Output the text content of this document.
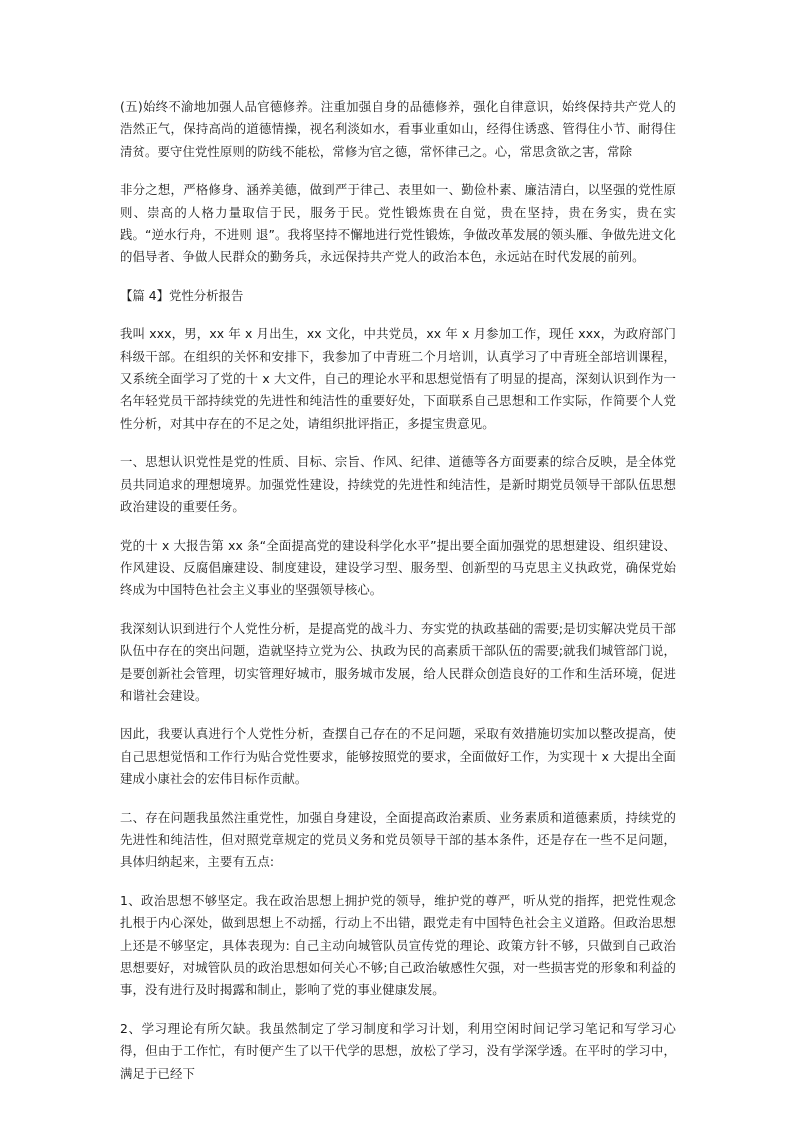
(五)始终不渝地加强人品官德修养。注重加强自身的品德修养，强化自律意识，始终保持共产党人的浩然正气，保持高尚的道德情操，视名利淡如水，看事业重如山，经得住诱惑、管得住小节、耐得住清贫。要守住党性原则的防线不能松，常修为官之德，常怀律己之。心，常思贪欲之害，常除

非分之想，严格修身、涵养美德，做到严于律己、表里如一、勤俭朴素、廉洁清白，以坚强的党性原则、崇高的人格力量取信于民，服务于民。党性锻炼贵在自觉，贵在坚持，贵在务实，贵在实践。“逆水行舟，不进则 退”。我将坚持不懈地进行党性锻炼，争做改革发展的领头雁、争做先进文化的倡导者、争做人民群众的勤务兵，永远保持共产党人的政治本色，永远站在时代发展的前列。

【篇 4】党性分析报告

我叫 xxx，男，xx 年 x 月出生，xx 文化，中共党员，xx 年 x 月参加工作，现任 xxx，为政府部门科级干部。在组织的关怀和安排下，我参加了中青班二个月培训，认真学习了中青班全部培训课程，又系统全面学习了党的十 x 大文件，自己的理论水平和思想觉悟有了明显的提高，深刻认识到作为一名年轻党员干部持续党的先进性和纯洁性的重要好处，下面联系自己思想和工作实际，作简要个人党性分析，对其中存在的不足之处，请组织批评指正，多提宝贵意见。

一、思想认识党性是党的性质、目标、宗旨、作风、纪律、道德等各方面要素的综合反映，是全体党员共同追求的理想境界。加强党性建设，持续党的先进性和纯洁性，是新时期党员领导干部队伍思想政治建设的重要任务。

党的十 x 大报告第 xx 条“全面提高党的建设科学化水平”提出要全面加强党的思想建设、组织建设、作风建设、反腐倡廉建设、制度建设，建设学习型、服务型、创新型的马克思主义执政党，确保党始终成为中国特色社会主义事业的坚强领导核心。

我深刻认识到进行个人党性分析，是提高党的战斗力、夯实党的执政基础的需要;是切实解决党员干部队伍中存在的突出问题，造就坚持立党为公、执政为民的高素质干部队伍的需要;就我们城管部门说，是要创新社会管理，切实管理好城市，服务城市发展，给人民群众创造良好的工作和生活环境，促进和谐社会建设。

因此，我要认真进行个人党性分析，查摆自己存在的不足问题，采取有效措施切实加以整改提高，使自己思想觉悟和工作行为贴合党性要求，能够按照党的要求，全面做好工作，为实现十 x 大提出全面建成小康社会的宏伟目标作贡献。

二、存在问题我虽然注重党性，加强自身建设，全面提高政治素质、业务素质和道德素质，持续党的先进性和纯洁性，但对照党章规定的党员义务和党员领导干部的基本条件，还是存在一些不足问题，具体归纳起来，主要有五点:

1、政治思想不够坚定。我在政治思想上拥护党的领导，维护党的尊严，听从党的指挥，把党性观念扎根于内心深处，做到思想上不动摇，行动上不出错，跟党走有中国特色社会主义道路。但政治思想上还是不够坚定，具体表现为: 自己主动向城管队员宣传党的理论、政策方针不够，只做到自己政治思想要好，对城管队员的政治思想如何关心不够;自己政治敏感性欠强，对一些损害党的形象和利益的事，没有进行及时揭露和制止，影响了党的事业健康发展。

2、学习理论有所欠缺。我虽然制定了学习制度和学习计划，利用空闲时间记学习笔记和写学习心得，但由于工作忙，有时便产生了以干代学的思想，放松了学习，没有学深学透。在平时的学习中，满足于已经下
